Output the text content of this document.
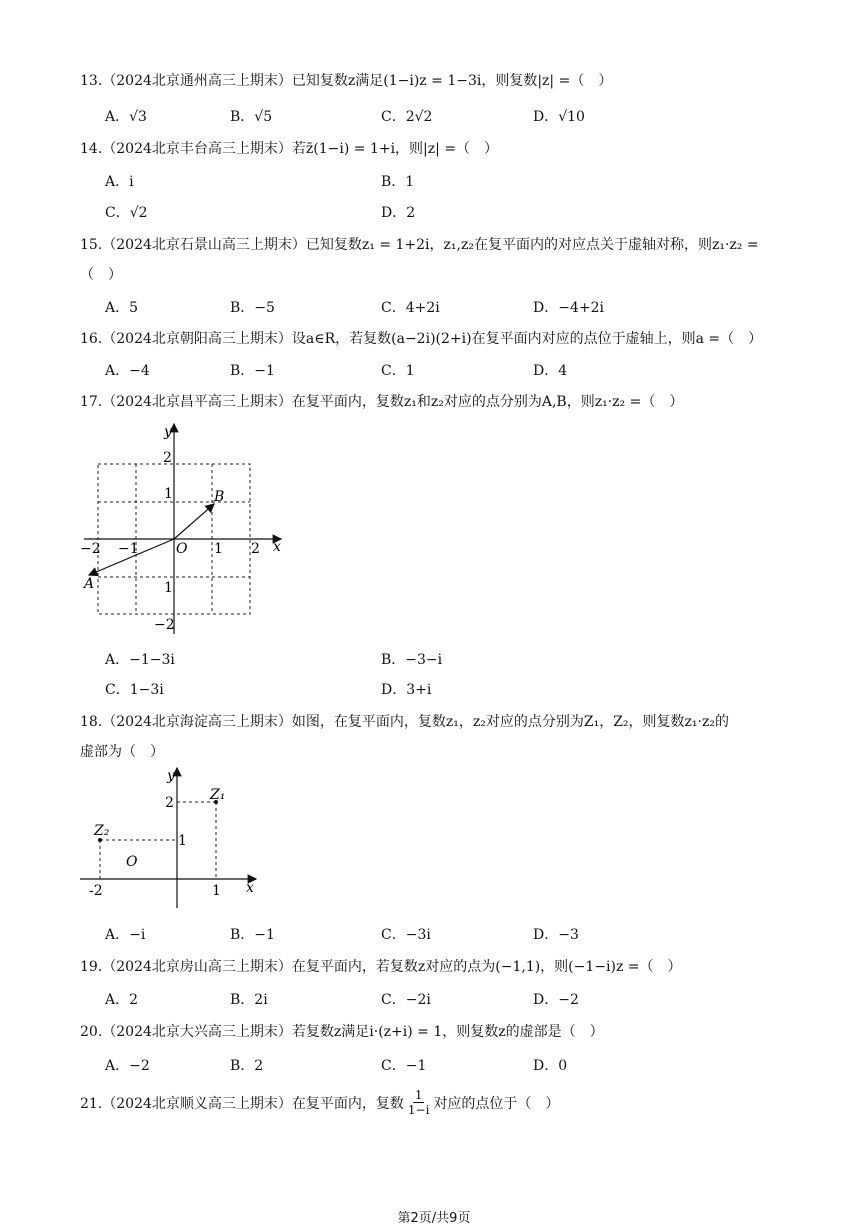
13.（2024北京通州高三上期末）已知复数z满足(1−i)z = 1−3i，则复数|z| =（　）
A．√3	B．√5	C．2√2	D．√10
14.（2024北京丰台高三上期末）若z̄(1−i) = 1+i，则|z| =（　）
A．i	B．1
C．√2	D．2
15.（2024北京石景山高三上期末）已知复数z₁ = 1+2i，z₁,z₂在复平面内的对应点关于虚轴对称，则z₁·z₂ =
（　）
A．5	B．−5	C．4+2i	D．−4+2i
16.（2024北京朝阳高三上期末）设a∈R，若复数(a−2i)(2+i)在复平面内对应的点位于虚轴上，则a =（　）
A．−4	B．−1	C．1	D．4
17.（2024北京昌平高三上期末）在复平面内，复数z₁和z₂对应的点分别为A,B，则z₁·z₂ =（　）
y
x
O
−2 −1	1 2
2
1
1
−2
B
A
A．−1−3i	B．−3−i
C．1−3i	D．3+i
18.（2024北京海淀高三上期末）如图，在复平面内，复数z₁，z₂对应的点分别为Z₁，Z₂，则复数z₁·z₂的
虚部为（　）
y
x
O
-2	1
2
1
Z₁
Z₂
A．−i	B．−1	C．−3i	D．−3
19.（2024北京房山高三上期末）在复平面内，若复数z对应的点为(−1,1)，则(−1−i)z =（　）
A．2	B．2i	C．−2i	D．−2
20.（2024北京大兴高三上期末）若复数z满足i·(z+i) = 1，则复数z的虚部是（　）
A．−2	B．2	C．−1	D．0
21.（2024北京顺义高三上期末）在复平面内，复数 $\frac{1}{1-i}$ 对应的点位于（　）
第2页/共9页
